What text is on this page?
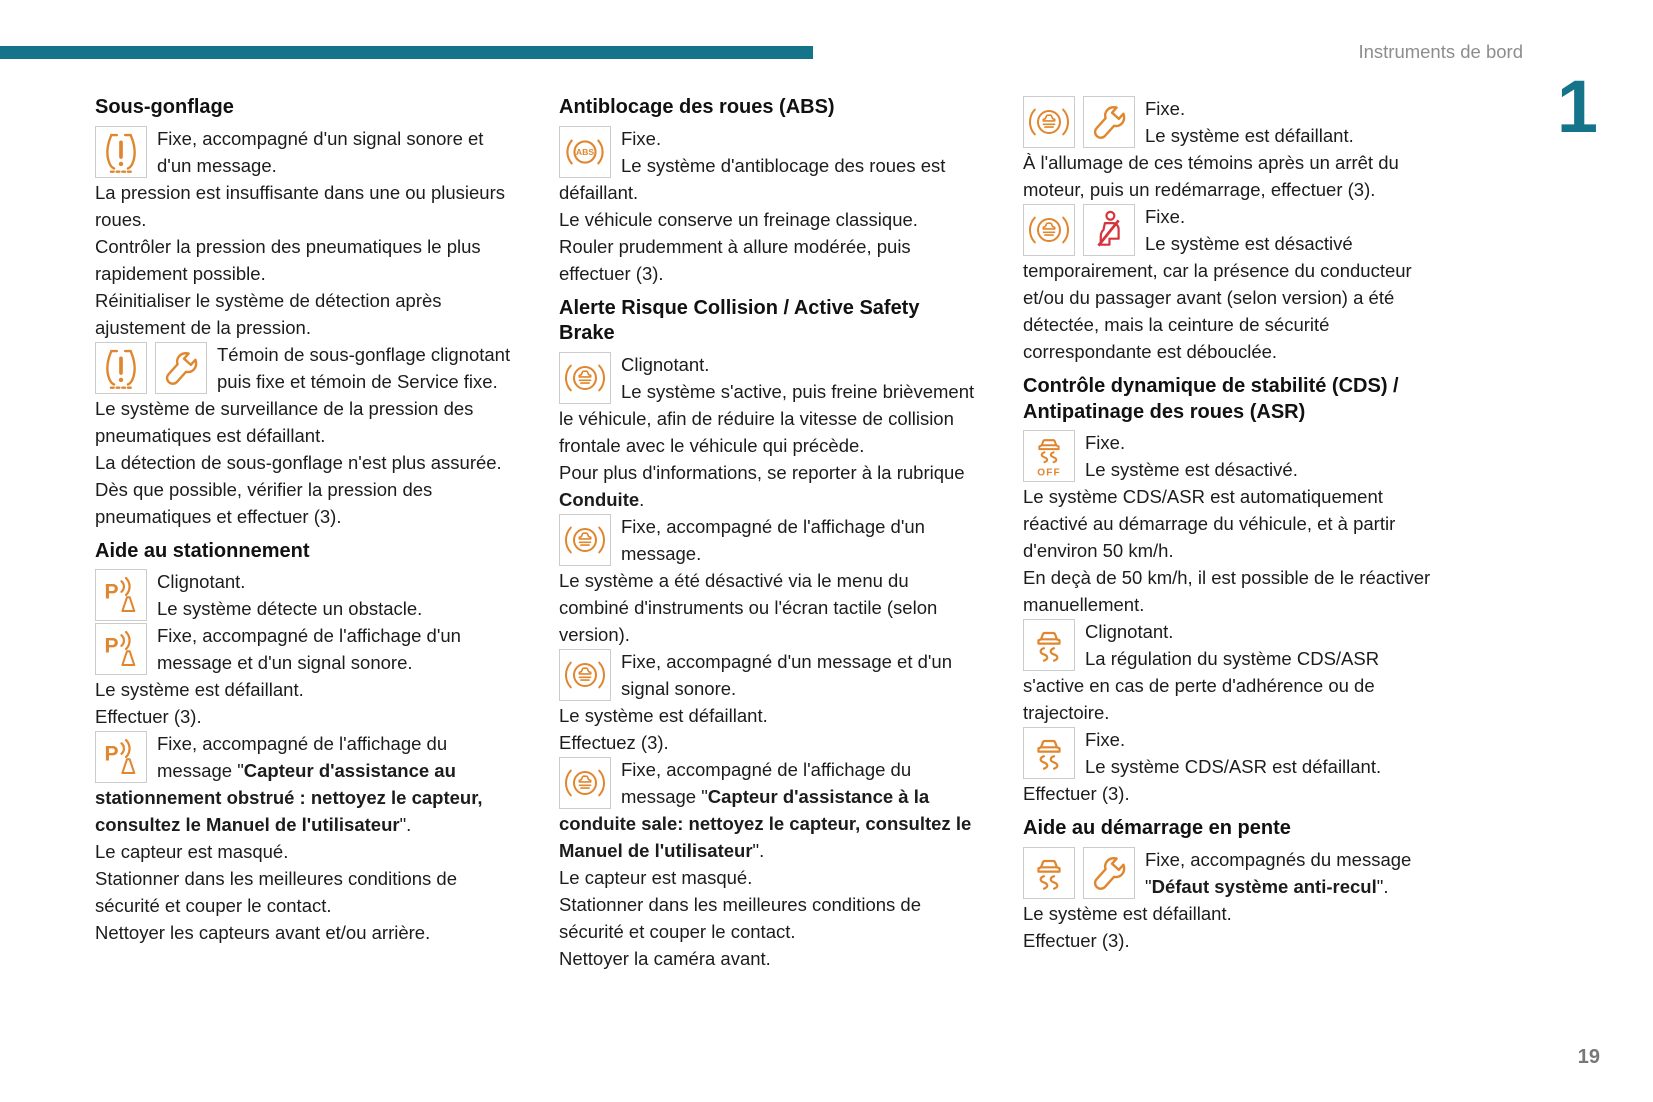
Instruments de bord
1
Sous-gonflage
Fixe, accompagné d'un signal sonore et d'un message.
La pression est insuffisante dans une ou plusieurs roues.
Contrôler la pression des pneumatiques le plus rapidement possible.
Réinitialiser le système de détection après ajustement de la pression.
Témoin de sous-gonflage clignotant puis fixe et témoin de Service fixe.
Le système de surveillance de la pression des pneumatiques est défaillant.
La détection de sous-gonflage n'est plus assurée.
Dès que possible, vérifier la pression des pneumatiques et effectuer (3).
Aide au stationnement
P Clignotant.
Le système détecte un obstacle.
P Fixe, accompagné de l'affichage d'un message et d'un signal sonore.
Le système est défaillant.
Effectuer (3).
P Fixe, accompagné de l'affichage du message "Capteur d'assistance au stationnement obstrué : nettoyez le capteur, consultez le Manuel de l'utilisateur".
Le capteur est masqué.
Stationner dans les meilleures conditions de sécurité et couper le contact.
Nettoyer les capteurs avant et/ou arrière.
Antiblocage des roues (ABS)
ABS
Fixe.
Le système d'antiblocage des roues est défaillant.
Le véhicule conserve un freinage classique.
Rouler prudemment à allure modérée, puis effectuer (3).
Alerte Risque Collision / Active Safety Brake
Clignotant.
Le système s'active, puis freine brièvement le véhicule, afin de réduire la vitesse de collision frontale avec le véhicule qui précède.
Pour plus d'informations, se reporter à la rubrique Conduite.
Fixe, accompagné de l'affichage d'un message.
Le système a été désactivé via le menu du combiné d'instruments ou l'écran tactile (selon version).
Fixe, accompagné d'un message et d'un signal sonore.
Le système est défaillant.
Effectuez (3).
Fixe, accompagné de l'affichage du message "Capteur d'assistance à la conduite sale: nettoyez le capteur, consultez le Manuel de l'utilisateur".
Le capteur est masqué.
Stationner dans les meilleures conditions de sécurité et couper le contact.
Nettoyer la caméra avant.
Fixe.
Le système est défaillant.
À l'allumage de ces témoins après un arrêt du moteur, puis un redémarrage, effectuer (3).
Fixe.
Le système est désactivé temporairement, car la présence du conducteur et/ou du passager avant (selon version) a été détectée, mais la ceinture de sécurité correspondante est débouclée.
Contrôle dynamique de stabilité (CDS) / Antipatinage des roues (ASR)
OFF
Fixe.
Le système est désactivé.
Le système CDS/ASR est automatiquement réactivé au démarrage du véhicule, et à partir d'environ 50 km/h.
En deçà de 50 km/h, il est possible de le réactiver manuellement.
Clignotant.
La régulation du système CDS/ASR s'active en cas de perte d'adhérence ou de trajectoire.
Fixe.
Le système CDS/ASR est défaillant.
Effectuer (3).
Aide au démarrage en pente
Fixe, accompagnés du message
"Défaut système anti-recul".
Le système est défaillant.
Effectuer (3).
19
